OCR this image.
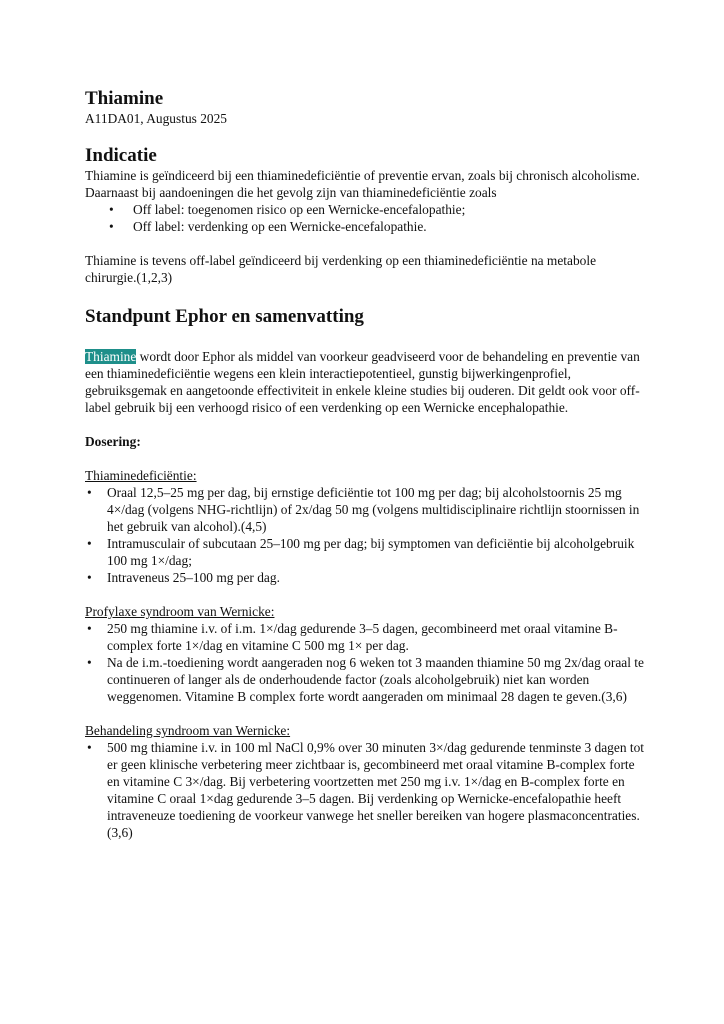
Thiamine

A11DA01, Augustus 2025

Indicatie

Thiamine is geïndiceerd bij een thiaminedeficiëntie of preventie ervan, zoals bij chronisch alcoholisme. Daarnaast bij aandoeningen die het gevolg zijn van thiaminedeficiëntie zoals

• Off label: toegenomen risico op een Wernicke-encefalopathie;
• Off label: verdenking op een Wernicke-encefalopathie.

Thiamine is tevens off-label geïndiceerd bij verdenking op een thiaminedeficiëntie na metabole chirurgie.(1,2,3)

Standpunt Ephor en samenvatting

Thiamine wordt door Ephor als middel van voorkeur geadviseerd voor de behandeling en preventie van een thiaminedeficiëntie wegens een klein interactiepotentieel, gunstig bijwerkingenprofiel, gebruiksgemak en aangetoonde effectiviteit in enkele kleine studies bij ouderen. Dit geldt ook voor off-label gebruik bij een verhoogd risico of een verdenking op een Wernicke encephalopathie.

Dosering:

Thiaminedeficiëntie:

• Oraal 12,5–25 mg per dag, bij ernstige deficiëntie tot 100 mg per dag; bij alcoholstoornis 25 mg 4×/dag (volgens NHG-richtlijn) of 2x/dag 50 mg (volgens multidisciplinaire richtlijn stoornissen in het gebruik van alcohol).(4,5)
• Intramusculair of subcutaan 25–100 mg per dag; bij symptomen van deficiëntie bij alcoholgebruik 100 mg 1×/dag;
• Intraveneus 25–100 mg per dag.

Profylaxe syndroom van Wernicke:

• 250 mg thiamine i.v. of i.m. 1×/dag gedurende 3–5 dagen, gecombineerd met oraal vitamine B-complex forte 1×/dag en vitamine C 500 mg 1× per dag.
• Na de i.m.-toediening wordt aangeraden nog 6 weken tot 3 maanden thiamine 50 mg 2x/dag oraal te continueren of langer als de onderhoudende factor (zoals alcoholgebruik) niet kan worden weggenomen. Vitamine B complex forte wordt aangeraden om minimaal 28 dagen te geven.(3,6)

Behandeling syndroom van Wernicke:

• 500 mg thiamine i.v. in 100 ml NaCl 0,9% over 30 minuten 3×/dag gedurende tenminste 3 dagen tot er geen klinische verbetering meer zichtbaar is, gecombineerd met oraal vitamine B-complex forte en vitamine C 3×/dag. Bij verbetering voortzetten met 250 mg i.v. 1×/dag en B-complex forte en vitamine C oraal 1×dag gedurende 3–5 dagen. Bij verdenking op Wernicke-encefalopathie heeft intraveneuze toediening de voorkeur vanwege het sneller bereiken van hogere plasmaconcentraties.(3,6)
